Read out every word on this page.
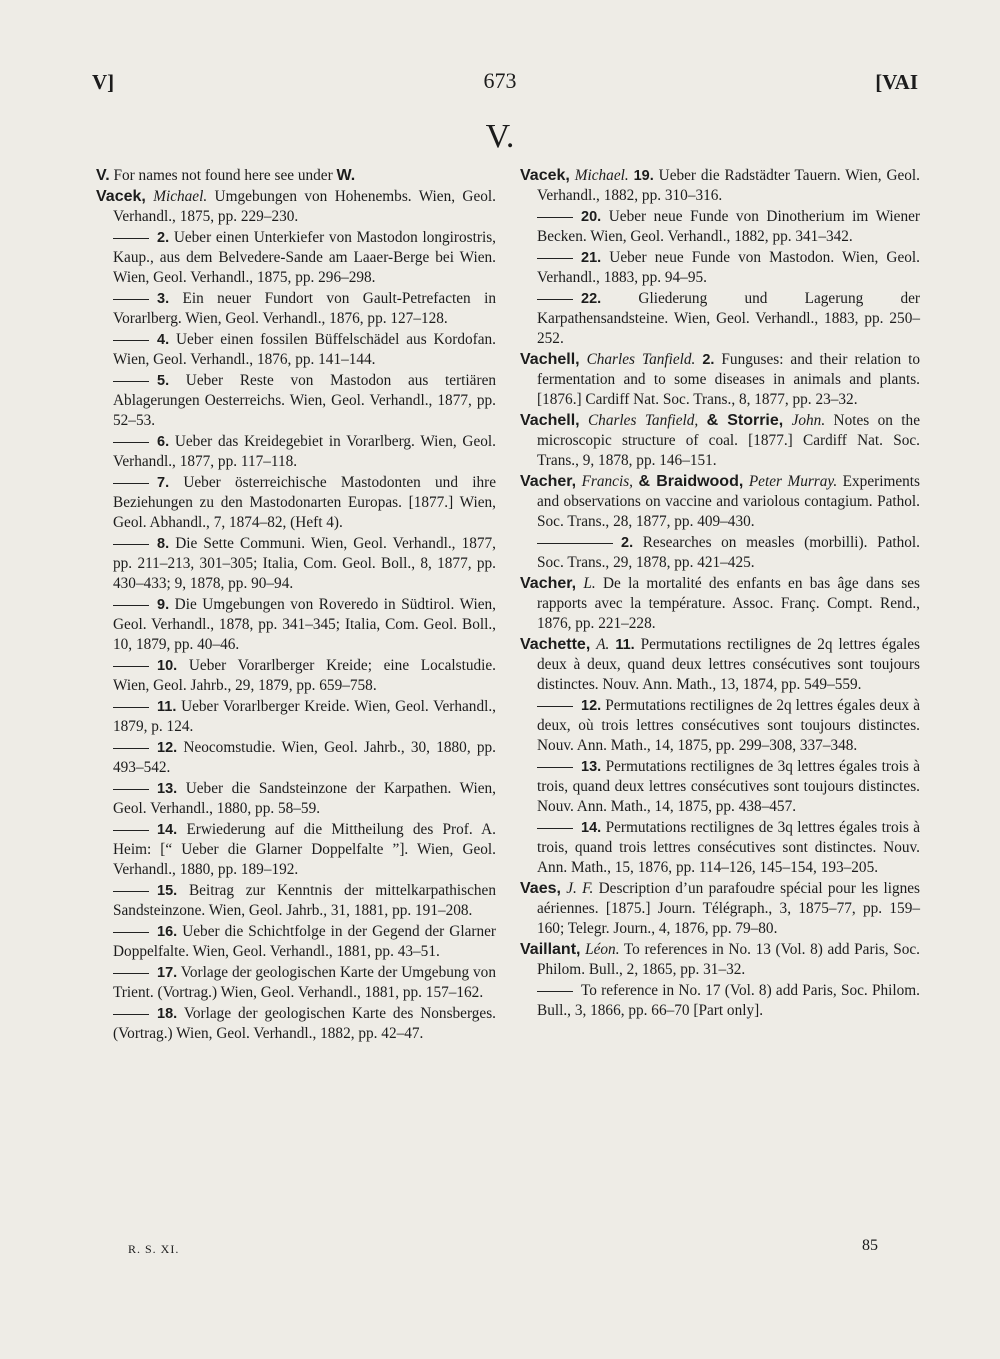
V]	673	[VAI
V.

V. For names not found here see under W.

Vacek, Michael. Umgebungen von Hohenembs. Wien, Geol. Verhandl., 1875, pp. 229–230.

2. Ueber einen Unterkiefer von Mastodon longirostris, Kaup., aus dem Belvedere-Sande am Laaer-Berge bei Wien. Wien, Geol. Verhandl., 1875, pp. 296–298.

3. Ein neuer Fundort von Gault-Petrefacten in Vorarlberg. Wien, Geol. Verhandl., 1876, pp. 127–128.

4. Ueber einen fossilen Büffelschädel aus Kordofan. Wien, Geol. Verhandl., 1876, pp. 141–144.

5. Ueber Reste von Mastodon aus tertiären Ablagerungen Oesterreichs. Wien, Geol. Verhandl., 1877, pp. 52–53.

6. Ueber das Kreidegebiet in Vorarlberg. Wien, Geol. Verhandl., 1877, pp. 117–118.

7. Ueber österreichische Mastodonten und ihre Beziehungen zu den Mastodonarten Europas. [1877.] Wien, Geol. Abhandl., 7, 1874–82, (Heft 4).

8. Die Sette Communi. Wien, Geol. Verhandl., 1877, pp. 211–213, 301–305; Italia, Com. Geol. Boll., 8, 1877, pp. 430–433; 9, 1878, pp. 90–94.

9. Die Umgebungen von Roveredo in Südtirol. Wien, Geol. Verhandl., 1878, pp. 341–345; Italia, Com. Geol. Boll., 10, 1879, pp. 40–46.

10. Ueber Vorarlberger Kreide; eine Localstudie. Wien, Geol. Jahrb., 29, 1879, pp. 659–758.

11. Ueber Vorarlberger Kreide. Wien, Geol. Verhandl., 1879, p. 124.

12. Neocomstudie. Wien, Geol. Jahrb., 30, 1880, pp. 493–542.

13. Ueber die Sandsteinzone der Karpathen. Wien, Geol. Verhandl., 1880, pp. 58–59.

14. Erwiederung auf die Mittheilung des Prof. A. Heim: [“ Ueber die Glarner Doppelfalte ”]. Wien, Geol. Verhandl., 1880, pp. 189–192.

15. Beitrag zur Kenntnis der mittelkarpathischen Sandsteinzone. Wien, Geol. Jahrb., 31, 1881, pp. 191–208.

16. Ueber die Schichtfolge in der Gegend der Glarner Doppelfalte. Wien, Geol. Verhandl., 1881, pp. 43–51.

17. Vorlage der geologischen Karte der Umgebung von Trient. (Vortrag.) Wien, Geol. Verhandl., 1881, pp. 157–162.

18. Vorlage der geologischen Karte des Nonsberges. (Vortrag.) Wien, Geol. Verhandl., 1882, pp. 42–47.

Vacek, Michael. 19. Ueber die Radstädter Tauern. Wien, Geol. Verhandl., 1882, pp. 310–316.

20. Ueber neue Funde von Dinotherium im Wiener Becken. Wien, Geol. Verhandl., 1882, pp. 341–342.

21. Ueber neue Funde von Mastodon. Wien, Geol. Verhandl., 1883, pp. 94–95.

22. Gliederung und Lagerung der Karpathensandsteine. Wien, Geol. Verhandl., 1883, pp. 250–252.

Vachell, Charles Tanfield. 2. Funguses: and their relation to fermentation and to some diseases in animals and plants. [1876.] Cardiff Nat. Soc. Trans., 8, 1877, pp. 23–32.

Vachell, Charles Tanfield, & Storrie, John. Notes on the microscopic structure of coal. [1877.] Cardiff Nat. Soc. Trans., 9, 1878, pp. 146–151.

Vacher, Francis, & Braidwood, Peter Murray. Experiments and observations on vaccine and variolous contagium. Pathol. Soc. Trans., 28, 1877, pp. 409–430.

2. Researches on measles (morbilli). Pathol. Soc. Trans., 29, 1878, pp. 421–425.

Vacher, L. De la mortalité des enfants en bas âge dans ses rapports avec la température. Assoc. Franç. Compt. Rend., 1876, pp. 221–228.

Vachette, A. 11. Permutations rectilignes de 2q lettres égales deux à deux, quand deux lettres consécutives sont toujours distinctes. Nouv. Ann. Math., 13, 1874, pp. 549–559.

12. Permutations rectilignes de 2q lettres égales deux à deux, où trois lettres consécutives sont toujours distinctes. Nouv. Ann. Math., 14, 1875, pp. 299–308, 337–348.

13. Permutations rectilignes de 3q lettres égales trois à trois, quand deux lettres consécutives sont toujours distinctes. Nouv. Ann. Math., 14, 1875, pp. 438–457.

14. Permutations rectilignes de 3q lettres égales trois à trois, quand trois lettres consécutives sont distinctes. Nouv. Ann. Math., 15, 1876, pp. 114–126, 145–154, 193–205.

Vaes, J. F. Description d’un parafoudre spécial pour les lignes aériennes. [1875.] Journ. Télégraph., 3, 1875–77, pp. 159–160; Telegr. Journ., 4, 1876, pp. 79–80.

Vaillant, Léon. To references in No. 13 (Vol. 8) add Paris, Soc. Philom. Bull., 2, 1865, pp. 31–32.

To reference in No. 17 (Vol. 8) add Paris, Soc. Philom. Bull., 3, 1866, pp. 66–70 [Part only].

R. S. XI.	85
